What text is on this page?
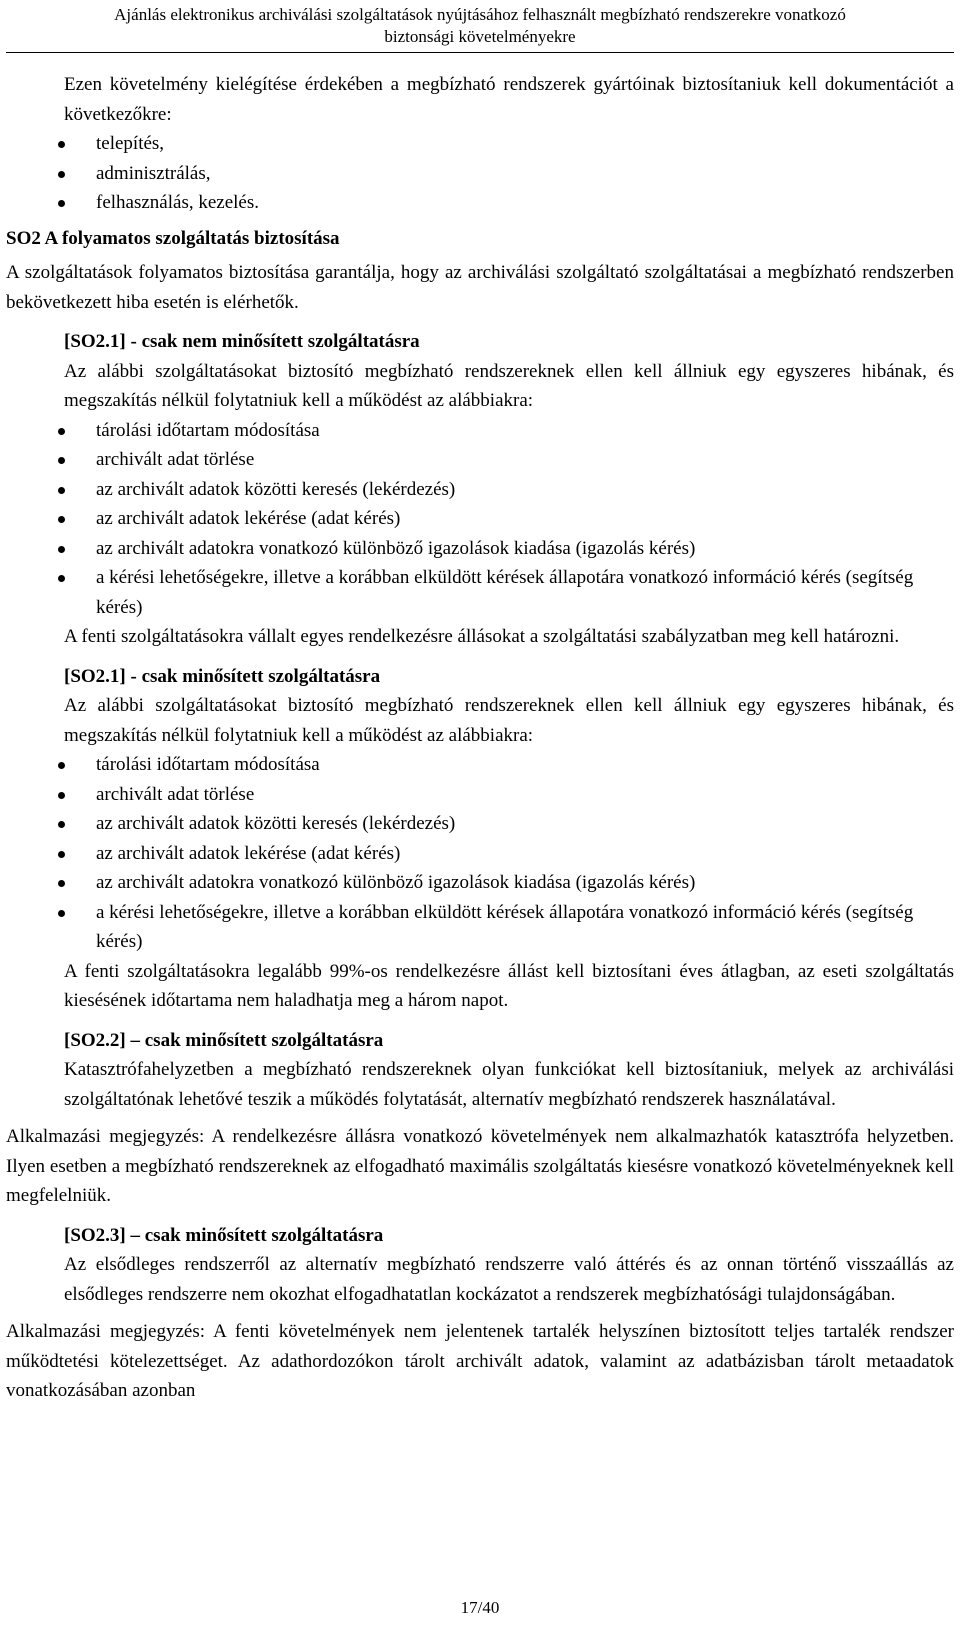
Ajánlás elektronikus archiválási szolgáltatások nyújtásához felhasznált megbízható rendszerekre vonatkozó
biztonsági követelményekre

Ezen követelmény kielégítése érdekében a megbízható rendszerek gyártóinak biztosítaniuk kell dokumentációt a következőkre:

telepítés,
adminisztrálás,
felhasználás, kezelés.

SO2 A folyamatos szolgáltatás biztosítása

A szolgáltatások folyamatos biztosítása garantálja, hogy az archiválási szolgáltató szolgáltatásai a megbízható rendszerben bekövetkezett hiba esetén is elérhetők.

[SO2.1] - csak nem minősített szolgáltatásra

Az alábbi szolgáltatásokat biztosító megbízható rendszereknek ellen kell állniuk egy egyszeres hibának, és megszakítás nélkül folytatniuk kell a működést az alábbiakra:

tárolási időtartam módosítása
archivált adat törlése
az archivált adatok közötti keresés (lekérdezés)
az archivált adatok lekérése (adat kérés)
az archivált adatokra vonatkozó különböző igazolások kiadása (igazolás kérés)
a kérési lehetőségekre, illetve a korábban elküldött kérések állapotára vonatkozó információ kérés (segítség kérés)

A fenti szolgáltatásokra vállalt egyes rendelkezésre állásokat a szolgáltatási szabályzatban meg kell határozni.

[SO2.1] - csak minősített szolgáltatásra

Az alábbi szolgáltatásokat biztosító megbízható rendszereknek ellen kell állniuk egy egyszeres hibának, és megszakítás nélkül folytatniuk kell a működést az alábbiakra:

tárolási időtartam módosítása
archivált adat törlése
az archivált adatok közötti keresés (lekérdezés)
az archivált adatok lekérése (adat kérés)
az archivált adatokra vonatkozó különböző igazolások kiadása (igazolás kérés)
a kérési lehetőségekre, illetve a korábban elküldött kérések állapotára vonatkozó információ kérés (segítség kérés)

A fenti szolgáltatásokra legalább 99%-os rendelkezésre állást kell biztosítani éves átlagban, az eseti szolgáltatás kiesésének időtartama nem haladhatja meg a három napot.

[SO2.2] – csak minősített szolgáltatásra

Katasztrófahelyzetben a megbízható rendszereknek olyan funkciókat kell biztosítaniuk, melyek az archiválási szolgáltatónak lehetővé teszik a működés folytatását, alternatív megbízható rendszerek használatával.

Alkalmazási megjegyzés: A rendelkezésre állásra vonatkozó követelmények nem alkalmazhatók katasztrófa helyzetben. Ilyen esetben a megbízható rendszereknek az elfogadható maximális szolgáltatás kiesésre vonatkozó követelményeknek kell megfelelniük.

[SO2.3] – csak minősített szolgáltatásra

Az elsődleges rendszerről az alternatív megbízható rendszerre való áttérés és az onnan történő visszaállás az elsődleges rendszerre nem okozhat elfogadhatatlan kockázatot a rendszerek megbízhatósági tulajdonságában.

Alkalmazási megjegyzés: A fenti követelmények nem jelentenek tartalék helyszínen biztosított teljes tartalék rendszer működtetési kötelezettséget. Az adathordozókon tárolt archivált adatok, valamint az adatbázisban tárolt metaadatok vonatkozásában azonban

17/40
